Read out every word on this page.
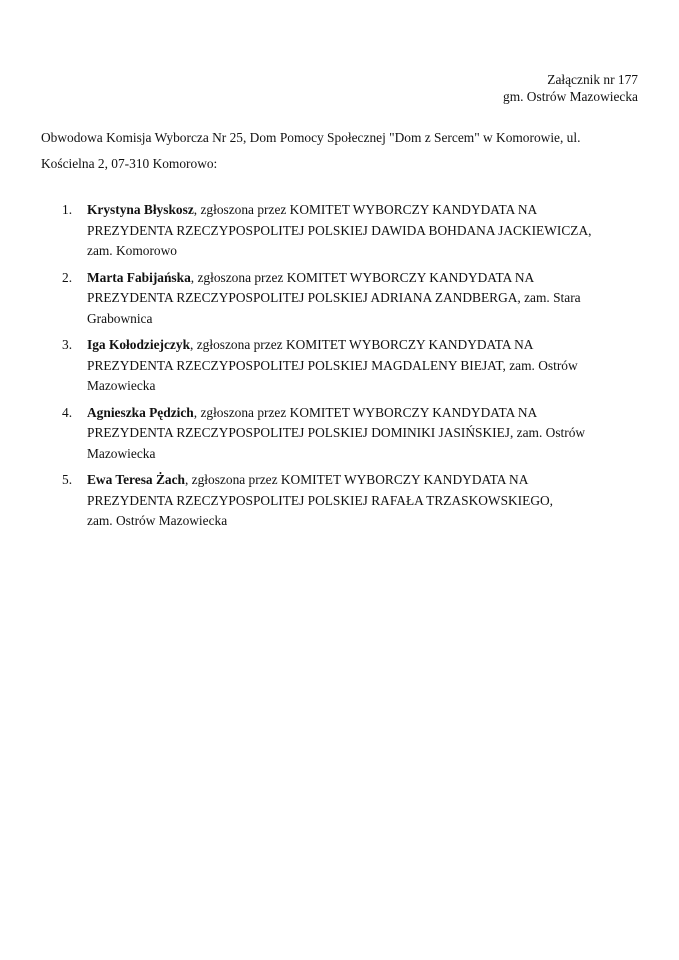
Załącznik nr 177
gm. Ostrów Mazowiecka
Obwodowa Komisja Wyborcza Nr 25, Dom Pomocy Społecznej "Dom z Sercem" w Komorowie, ul.
Kościelna 2, 07-310 Komorowo:
1. Krystyna Błyskosz, zgłoszona przez KOMITET WYBORCZY KANDYDATA NA
PREZYDENTA RZECZYPOSPOLITEJ POLSKIEJ DAWIDA BOHDANA JACKIEWICZA,
zam. Komorowo
2. Marta Fabijańska, zgłoszona przez KOMITET WYBORCZY KANDYDATA NA
PREZYDENTA RZECZYPOSPOLITEJ POLSKIEJ ADRIANA ZANDBERGA, zam. Stara
Grabownica
3. Iga Kołodziejczyk, zgłoszona przez KOMITET WYBORCZY KANDYDATA NA
PREZYDENTA RZECZYPOSPOLITEJ POLSKIEJ MAGDALENY BIEJAT, zam. Ostrów
Mazowiecka
4. Agnieszka Pędzich, zgłoszona przez KOMITET WYBORCZY KANDYDATA NA
PREZYDENTA RZECZYPOSPOLITEJ POLSKIEJ DOMINIKI JASIŃSKIEJ, zam. Ostrów
Mazowiecka
5. Ewa Teresa Żach, zgłoszona przez KOMITET WYBORCZY KANDYDATA NA
PREZYDENTA RZECZYPOSPOLITEJ POLSKIEJ RAFAŁA TRZASKOWSKIEGO,
zam. Ostrów Mazowiecka
